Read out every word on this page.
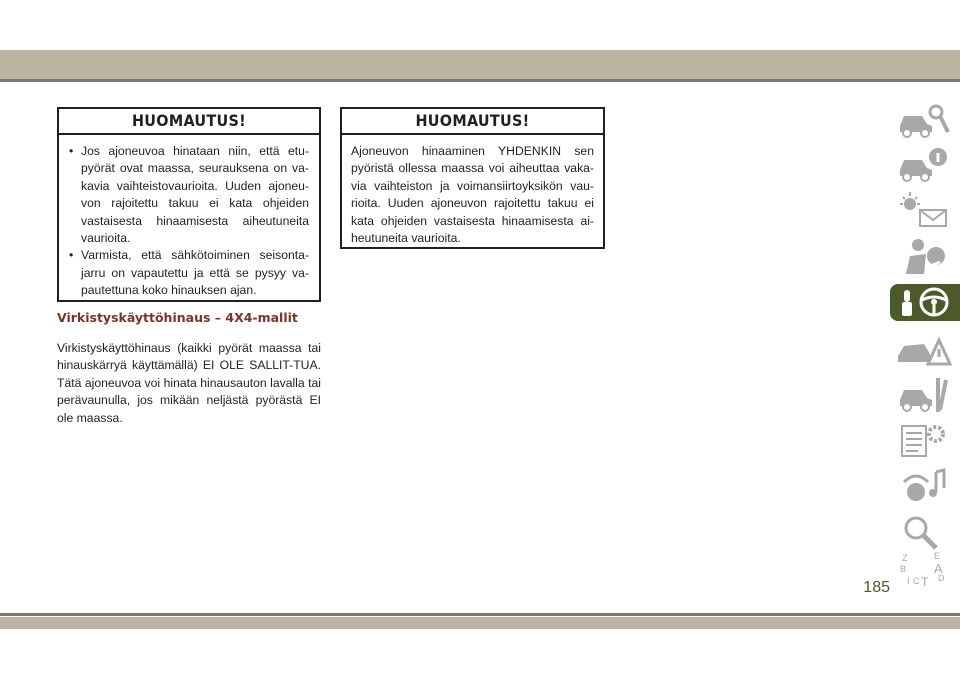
HUOMAUTUS!
• Jos ajoneuvoa hinataan niin, että etu-pyörät ovat maassa, seurauksena on va-kavia vaihteistovaurioita. Uuden ajoneu-von rajoitettu takuu ei kata ohjeiden vastaisesta hinaamisesta aiheutuneita vaurioita.
• Varmista, että sähkötoiminen seisonta-jarru on vapautettu ja että se pysyy va-pautettuna koko hinauksen ajan.
Virkistyskäyttöhinaus – 4X4-mallit

Virkistyskäyttöhinaus (kaikki pyörät maassa tai hinauskärryä käyttämällä) EI OLE SALLIT-TUA. Tätä ajoneuvoa voi hinata hinausauton lavalla tai perävaunulla, jos mikään neljästä pyörästä EI ole maassa.

HUOMAUTUS!

Ajoneuvon hinaaminen YHDENKIN sen pyöristä ollessa maassa voi aiheuttaa vaka-via vaihteiston ja voimansiirtoyksikön vau-rioita. Uuden ajoneuvon rajoitettu takuu ei kata ohjeiden vastaisesta hinaamisesta ai-heutuneita vaurioita.

Z	E
B A
C T D
I
185
